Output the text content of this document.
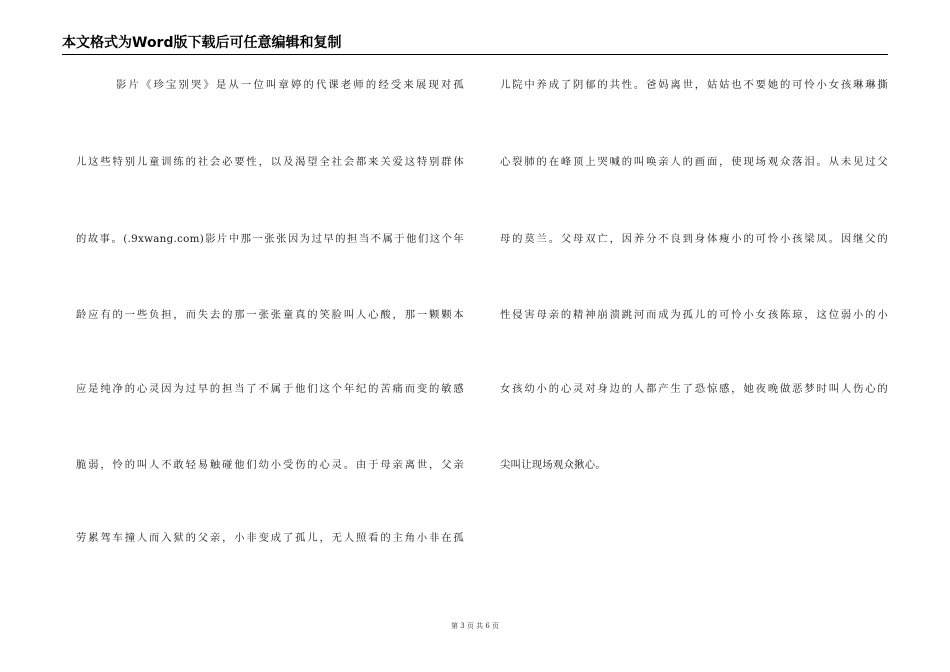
本文格式为Word版下载后可任意编辑和复制
影片《珍宝别哭》是从一位叫章婷的代课老师的经受来展现对孤
儿这些特别儿童训练的社会必要性，以及渴望全社会都来关爱这特别群体
的故事。(.9xwang.com)影片中那一张张因为过早的担当不属于他们这个年
龄应有的一些负担，而失去的那一张张童真的笑脸叫人心酸，那一颗颗本
应是纯净的心灵因为过早的担当了不属于他们这个年纪的苦痛而变的敏感
脆弱，怜的叫人不敢轻易触碰他们幼小受伤的心灵。由于母亲离世，父亲
劳累驾车撞人而入狱的父亲，小非变成了孤儿，无人照看的主角小非在孤
儿院中养成了阴郁的共性。爸妈离世，姑姑也不要她的可怜小女孩琳琳撕
心裂肺的在峰顶上哭喊的叫唤亲人的画面，使现场观众落泪。从未见过父
母的莫兰。父母双亡，因养分不良到身体瘦小的可怜小孩梁凤。因继父的
性侵害母亲的精神崩溃跳河而成为孤儿的可怜小女孩陈琼，这位弱小的小
女孩幼小的心灵对身边的人都产生了恐惊感，她夜晚做恶梦时叫人伤心的
尖叫让现场观众揪心。
第 3 页 共 6 页
